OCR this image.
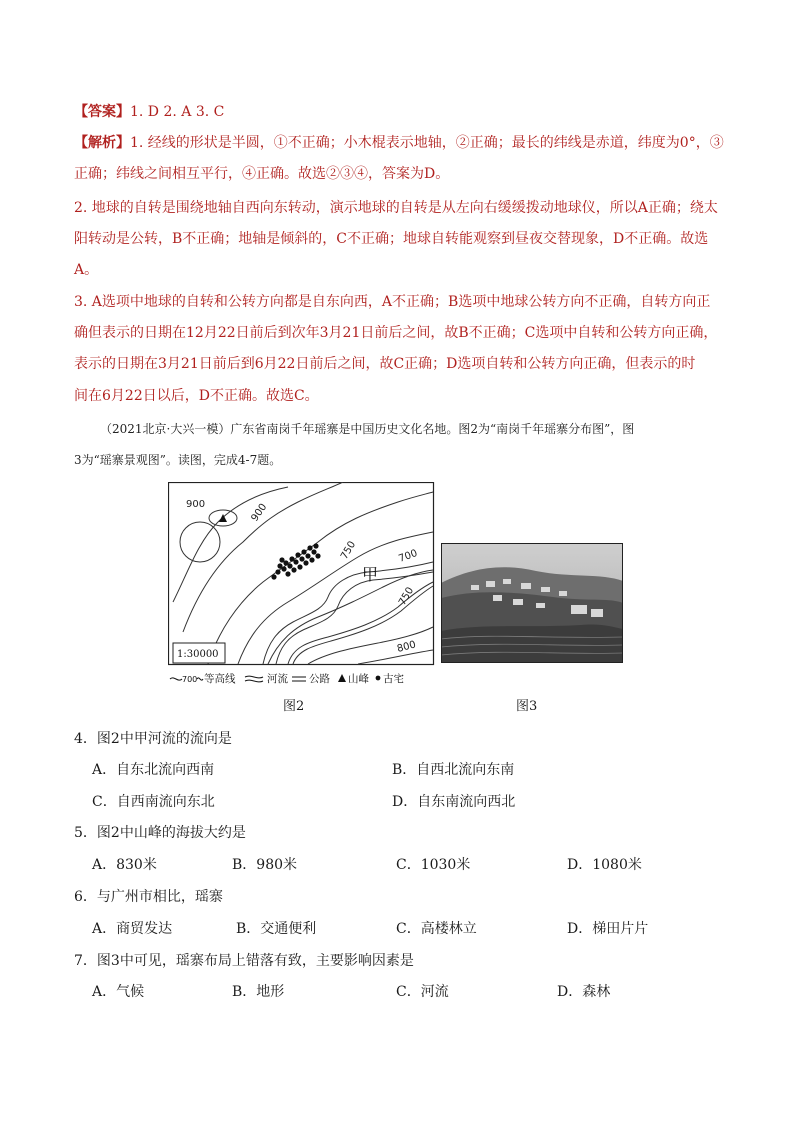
【答案】1. D 2. A 3. C
【解析】1. 经线的形状是半圆，①不正确；小木棍表示地轴，②正确；最长的纬线是赤道，纬度为0°，③
正确；纬线之间相互平行，④正确。故选②③④，答案为D。
2. 地球的自转是围绕地轴自西向东转动，演示地球的自转是从左向右缓缓拨动地球仪，所以A正确；绕太
阳转动是公转，B不正确；地轴是倾斜的，C不正确；地球自转能观察到昼夜交替现象，D不正确。故选
A。
3. A选项中地球的自转和公转方向都是自东向西，A不正确；B选项中地球公转方向不正确，自转方向正
确但表示的日期在12月22日前后到次年3月21日前后之间，故B不正确；C选项中自转和公转方向正确，
表示的日期在3月21日前后到6月22日前后之间，故C正确；D选项自转和公转方向正确，但表示的时
间在6月22日以后，D不正确。故选C。
（2021北京·大兴一模）广东省南岗千年瑶寨是中国历史文化名地。图2为“南岗千年瑶寨分布图”，图
3为“瑶寨景观图”。读图，完成4-7题。
900	900
750	700
750
800
甲
1:30000
700 等高线	河流 公路 山峰 古宅
图2	图3
4．图2中甲河流的流向是
A．自东北流向西南	B．自西北流向东南
C．自西南流向东北	D．自东南流向西北
5．图2中山峰的海拔大约是
A．830米	B．980米	C．1030米	D．1080米
6．与广州市相比，瑶寨
A．商贸发达	B．交通便利	C．高楼林立	D．梯田片片
7．图3中可见，瑶寨布局上错落有致，主要影响因素是
A．气候	B．地形	C．河流	D．森林
